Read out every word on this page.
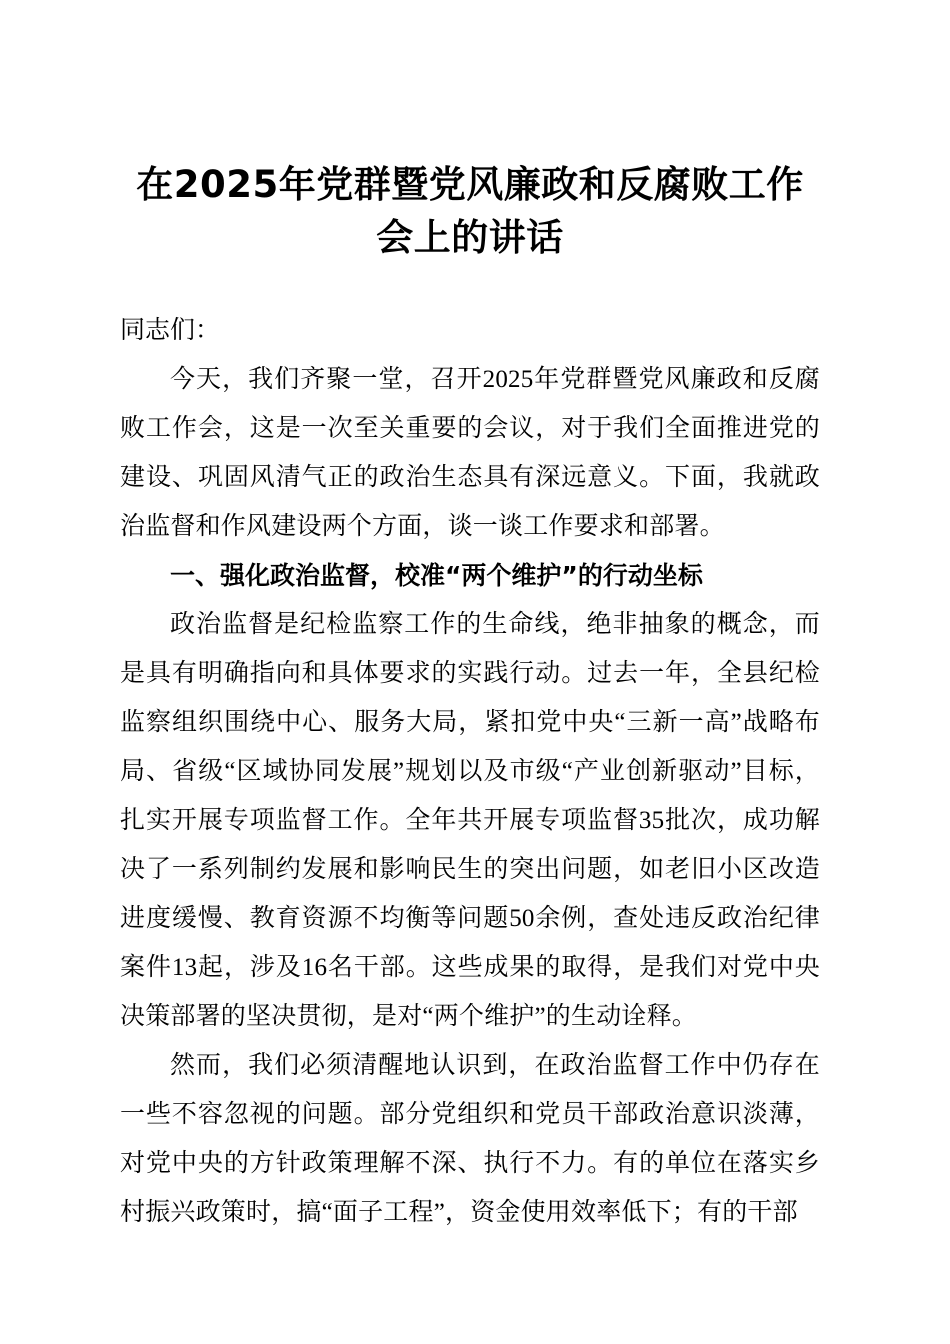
在2025年党群暨党风廉政和反腐败工作会上的讲话

同志们：

今天，我们齐聚一堂，召开2025年党群暨党风廉政和反腐败工作会，这是一次至关重要的会议，对于我们全面推进党的建设、巩固风清气正的政治生态具有深远意义。下面，我就政治监督和作风建设两个方面，谈一谈工作要求和部署。

一、强化政治监督，校准“两个维护”的行动坐标

政治监督是纪检监察工作的生命线，绝非抽象的概念，而是具有明确指向和具体要求的实践行动。过去一年，全县纪检监察组织围绕中心、服务大局，紧扣党中央“三新一高”战略布局、省级“区域协同发展”规划以及市级“产业创新驱动”目标，扎实开展专项监督工作。全年共开展专项监督35批次，成功解决了一系列制约发展和影响民生的突出问题，如老旧小区改造进度缓慢、教育资源不均衡等问题50余例，查处违反政治纪律案件13起，涉及16名干部。这些成果的取得，是我们对党中央决策部署的坚决贯彻，是对“两个维护”的生动诠释。

然而，我们必须清醒地认识到，在政治监督工作中仍存在一些不容忽视的问题。部分党组织和党员干部政治意识淡薄，对党中央的方针政策理解不深、执行不力。有的单位在落实乡村振兴政策时，搞“面子工程”，资金使用效率低下；有的干部
